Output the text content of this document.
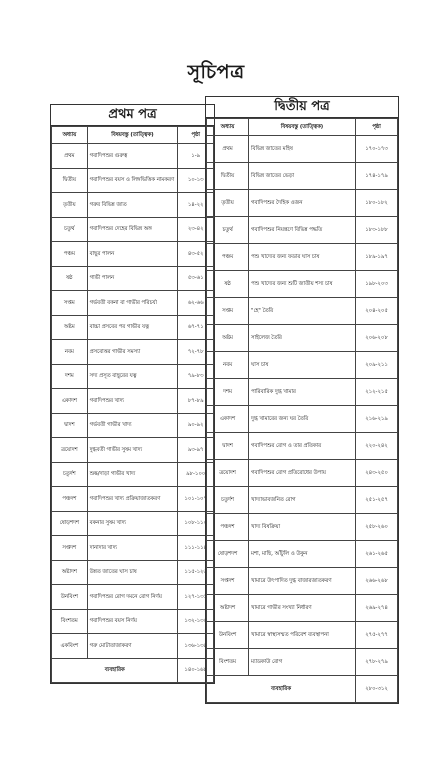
সূচিপত্র
প্রথম পত্র
অধ্যায়	বিষয়বস্তু (তাত্ত্বিক)	পৃষ্ঠা
প্রথম	গবাদিপশুর গুরুত্ব	১-৯
দ্বিতীয়	গবাদিপশুর বয়স ও লিঙ্গভিত্তিক নামকরণ	১০-১৩
তৃতীয়	গরুর বিভিন্ন জাত	১৪-২২
চতুর্থ	গবাদিপশুর দেহের বিভিন্ন অঙ্গ	২৩-৪২
পঞ্চম	বাছুর পালন	৪৩-৫২
ষষ্ঠ	গাভী পালন	৫৩-৬১
সপ্তম	গর্ভবতী বকনা বা গাভীর পরিচর্যা	৬২-৬৬
অষ্টম	বাচ্চা প্রসবের পর গাভীর যত্ন	৬৭-৭১
নবম	প্রসবোত্তর গাভীর সমস্যা	৭২-৭৮
দশম	সদ্য প্রসূত বাছুরের যত্ন	৭৯-৮৩
একাদশ	গবাদিপশুর খাদ্য	৮৭-৮৯
দ্বাদশ	গর্ভবতী গাভীর খাদ্য	৯০-৯২
ত্রয়োদশ	দুগ্ধবতী গাভীর সুষম খাদ্য	৯৩-৯৭
চতুর্দশ	শুষ্ক/দাড়া গাভীর খাদ্য	৯৮-১০০
পঞ্চদশ	গবাদিপশুর খাদ্য প্রক্রিয়াজাতকরণ	১০১-১০৭
ষোড়শদশ	বকনার সুষম খাদ্য	১০৮-১১০
সপ্তদশ	দানাদার খাদ্য	১১১-১১৪
অষ্টাদশ	উন্নত জাতের ঘাস চাষ	১১৫-১২৬
উনবিংশ	গবাদিপশুর রোগ দমনে রোগ নির্ণয়	১২৭-১৩১
বিংশতম	গবাদিপশুর বয়স নির্ণয়	১৩২-১৩৫
একবিংশ	গরু মোটাতাজাকরণ	১৩৬-১৩৯
ব্যবহারিক		১৪০-১৬৮
দ্বিতীয় পত্র
অধ্যায়	বিষয়বস্তু (তাত্ত্বিক)	পৃষ্ঠা
প্রথম	বিভিন্ন জাতের মহিষ	১৭০-১৭৩
দ্বিতীয়	বিভিন্ন জাতের ভেড়া	১৭৪-১৭৯
তৃতীয়	গবাদিপশুর দৈহিক ওজন	১৮০-১৮২
চতুর্থ	গবাদিপশুর নিয়ন্ত্রণে বিভিন্ন পদ্ধতি	১৮৩-১৮৮
পঞ্চম	পশু খাদ্যের জন্য ফডার ঘাস চাষ	১৮৯-১৯৭
ষষ্ঠ	পশু খাদ্যের জন্য শুটি জাতীয় শস্য চাষ	১৯৮-২০৩
সপ্তম	"হে" তৈরি	২০৪-২০৫
অষ্টম	সাইলেজ তৈরি	২০৬-২০৮
নবম	ঘাস চাষ	২০৯-২১১
দশম	পারিবারিক দুগ্ধ খামার	২১২-২১৫
একাদশ	দুগ্ধ খামারের জন্য ঘর তৈরি	২১৬-২১৯
দ্বাদশ	গবাদিপশুর রোগ ও তার প্রতিকার	২২০-২৪২
ত্রয়োদশ	গবাদিপশুর রোগ প্রতিরোধের উপায়	২৪৩-২৫০
চতুর্দশ	খাদ্যাভাবজনিত রোগ	২৫১-২৫৭
পঞ্চদশ	খাদ্য বিষক্রিয়া	২৫৮-২৬০
ষোড়শদশ	মশা, মাছি, আঁটুলি ও উকুন	২৬১-২৬৫
সপ্তদশ	খামারে উৎপাদিত দুগ্ধ বাজারজাতকরণ	২৬৬-২৬৮
অষ্টাদশ	খামারে গাভীর সংখ্যা নির্ধারণ	২৬৯-২৭৪
উনবিংশ	খামারে স্বাস্থ্যসম্মত পরিবেশ ব্যবস্থাপনা	২৭৫-২৭৭
বিংশতম	ম্যাডকাউ রোগ	২৭৮-২৭৯
ব্যবহারিক		২৮০-৩১২
